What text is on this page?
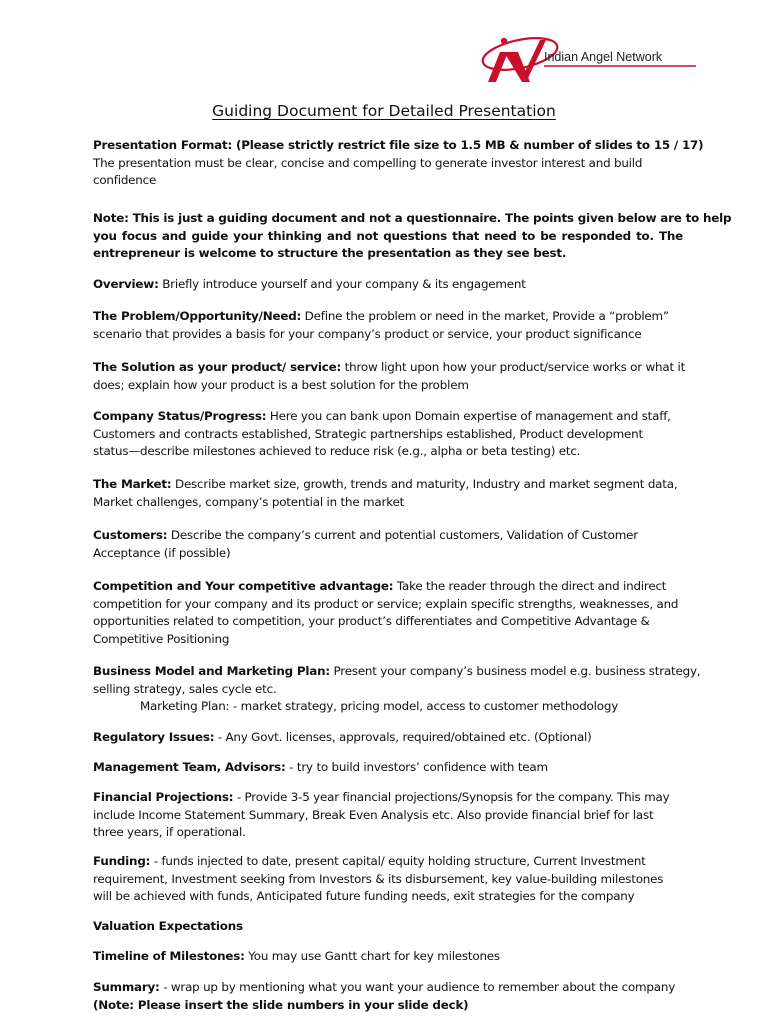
Indian Angel Network
Guiding Document for Detailed Presentation
Presentation Format: (Please strictly restrict file size to 1.5 MB & number of slides to 15 / 17)
The presentation must be clear, concise and compelling to generate investor interest and build
confidence
Note: This is just a guiding document and not a questionnaire. The points given below are to help
you focus and guide your thinking and not questions that need to be responded to. The
entrepreneur is welcome to structure the presentation as they see best.
Overview: Briefly introduce yourself and your company & its engagement
The Problem/Opportunity/Need: Define the problem or need in the market, Provide a “problem”
scenario that provides a basis for your company’s product or service, your product significance
The Solution as your product/ service: throw light upon how your product/service works or what it
does; explain how your product is a best solution for the problem
Company Status/Progress: Here you can bank upon Domain expertise of management and staff,
Customers and contracts established, Strategic partnerships established, Product development
status—describe milestones achieved to reduce risk (e.g., alpha or beta testing) etc.
The Market: Describe market size, growth, trends and maturity, Industry and market segment data,
Market challenges, company’s potential in the market
Customers: Describe the company’s current and potential customers, Validation of Customer
Acceptance (if possible)
Competition and Your competitive advantage: Take the reader through the direct and indirect
competition for your company and its product or service; explain specific strengths, weaknesses, and
opportunities related to competition, your product’s differentiates and Competitive Advantage &
Competitive Positioning
Business Model and Marketing Plan: Present your company’s business model e.g. business strategy,
selling strategy, sales cycle etc.
Marketing Plan: - market strategy, pricing model, access to customer methodology
Regulatory Issues: - Any Govt. licenses, approvals, required/obtained etc. (Optional)
Management Team, Advisors: - try to build investors’ confidence with team
Financial Projections: - Provide 3-5 year financial projections/Synopsis for the company. This may
include Income Statement Summary, Break Even Analysis etc. Also provide financial brief for last
three years, if operational.
Funding: - funds injected to date, present capital/ equity holding structure, Current Investment
requirement, Investment seeking from Investors & its disbursement, key value-building milestones
will be achieved with funds, Anticipated future funding needs, exit strategies for the company
Valuation Expectations
Timeline of Milestones: You may use Gantt chart for key milestones
Summary: - wrap up by mentioning what you want your audience to remember about the company
(Note: Please insert the slide numbers in your slide deck)
